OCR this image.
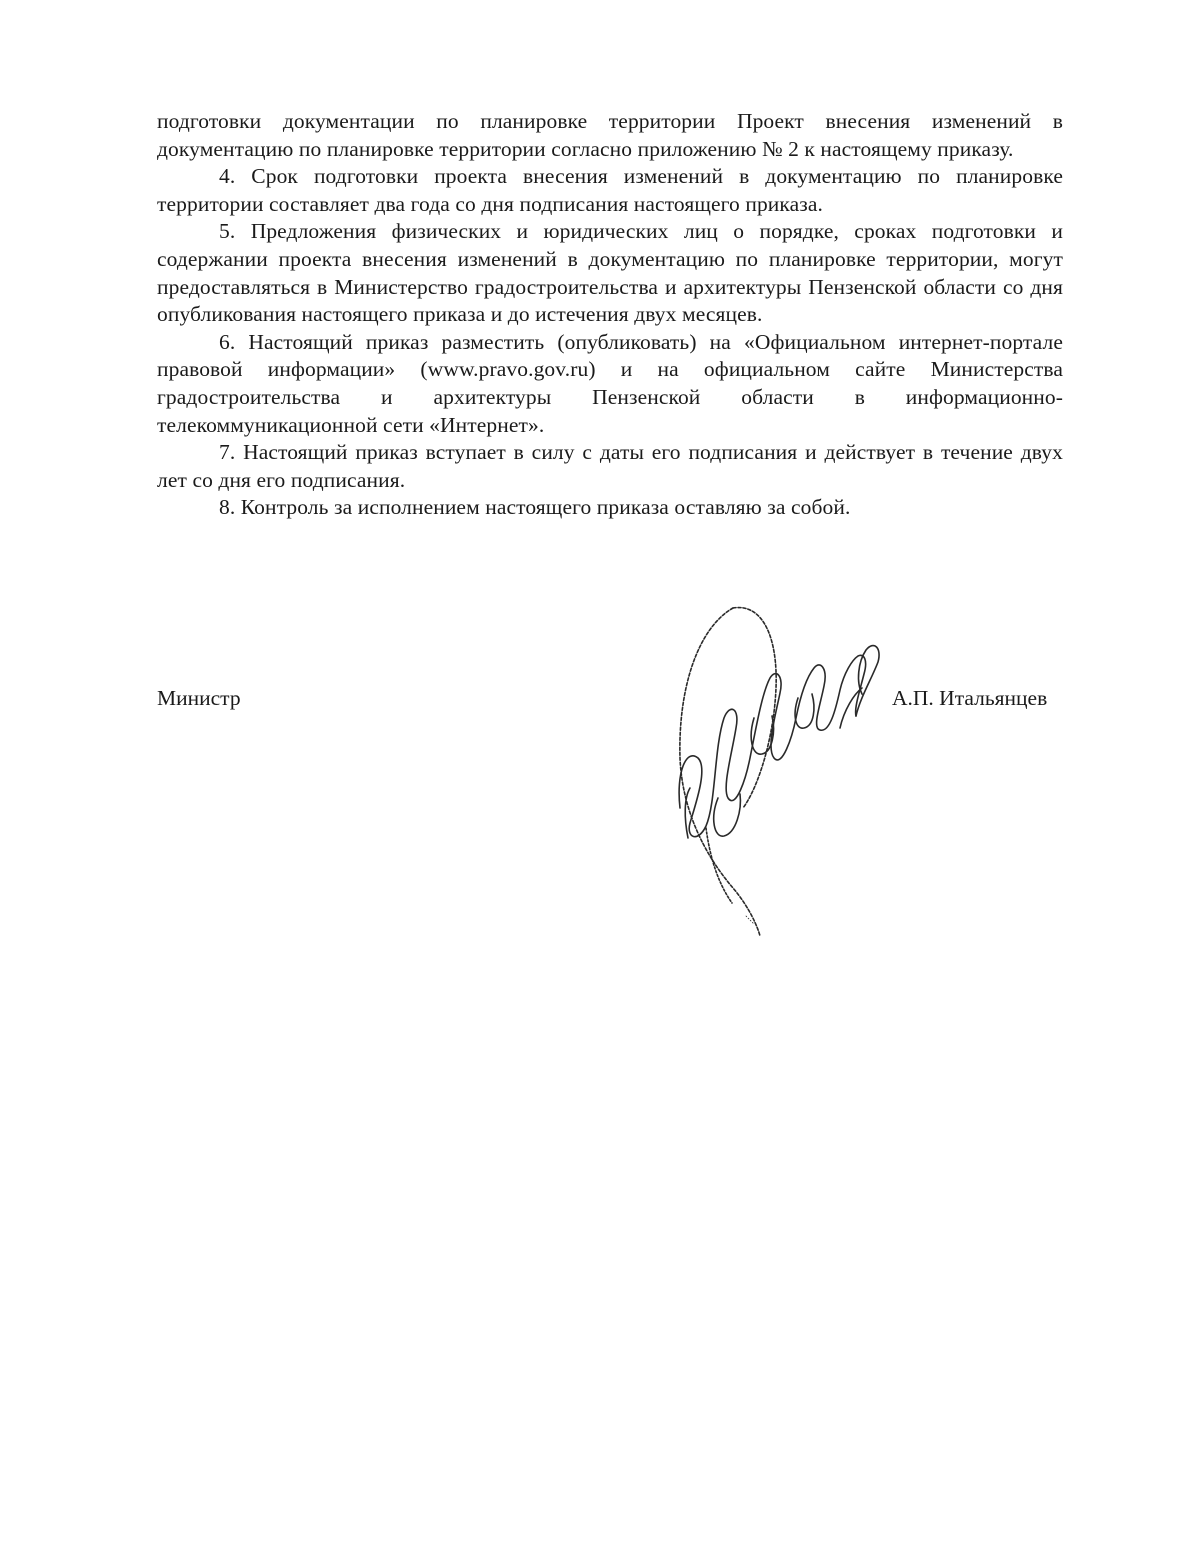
подготовки документации по планировке территории Проект внесения изменений в документацию по планировке территории согласно приложению № 2 к настоящему приказу.

4. Срок подготовки проекта внесения изменений в документацию по планировке территории составляет два года со дня подписания настоящего приказа.

5. Предложения физических и юридических лиц о порядке, сроках подготовки и содержании проекта внесения изменений в документацию по планировке территории, могут предоставляться в Министерство градостроительства и архитектуры Пензенской области со дня опубликования настоящего приказа и до истечения двух месяцев.

6. Настоящий приказ разместить (опубликовать) на «Официальном интернет-портале правовой информации» (www.pravo.gov.ru) и на официальном сайте Министерства градостроительства и архитектуры Пензенской области в информационно-телекоммуникационной сети «Интернет».

7. Настоящий приказ вступает в силу с даты его подписания и действует в течение двух лет со дня его подписания.

8. Контроль за исполнением настоящего приказа оставляю за собой.

Министр	А.П. Итальянцев
